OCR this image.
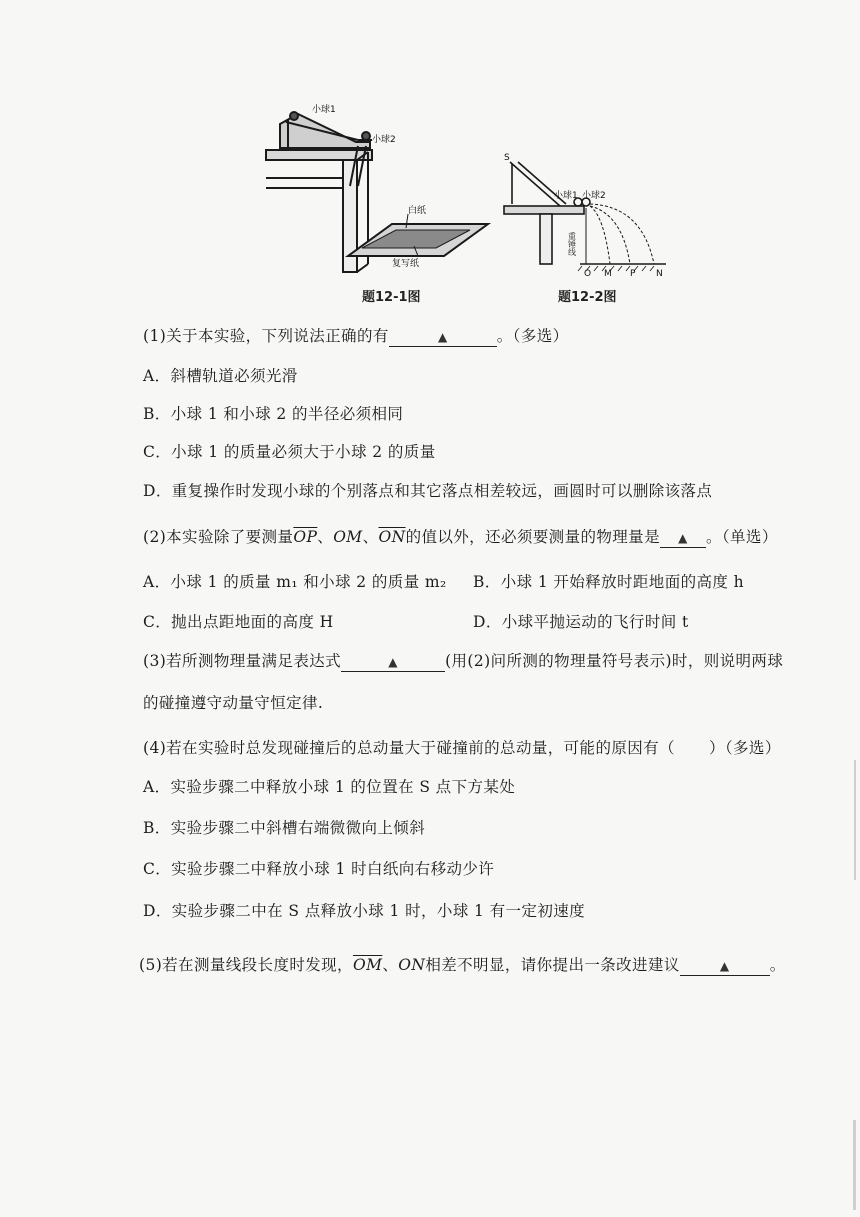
小球1
小球2
白纸
复写纸
题12-1图
S
小球1 小球2
重锤线
O M P N
题12-2图
(1)关于本实验，下列说法正确的有	▲	。（多选）
A．斜槽轨道必须光滑
B．小球 1 和小球 2 的半径必须相同
C．小球 1 的质量必须大于小球 2 的质量
D．重复操作时发现小球的个别落点和其它落点相差较远，画圆时可以删除该落点
(2)本实验除了要测量$\overline{OP}$、OM、$\overline{ON}$的值以外，还必须要测量的物理量是 ▲ 。（单选）
A．小球 1 的质量 m₁ 和小球 2 的质量 m₂ B．小球 1 开始释放时距地面的高度 h
C．抛出点距地面的高度 H	D．小球平抛运动的飞行时间 t
(3)若所测物理量满足表达式	▲	(用(2)问所测的物理量符号表示)时，则说明两球
的碰撞遵守动量守恒定律.
(4)若在实验时总发现碰撞后的总动量大于碰撞前的总动量，可能的原因有（ ）（多选）
A．实验步骤二中释放小球 1 的位置在 S 点下方某处
B．实验步骤二中斜槽右端微微向上倾斜
C．实验步骤二中释放小球 1 时白纸向右移动少许
D．实验步骤二中在 S 点释放小球 1 时，小球 1 有一定初速度
(5)若在测量线段长度时发现，$\overline{OM}$、ON相差不明显，请你提出一条改进建议	▲	。
